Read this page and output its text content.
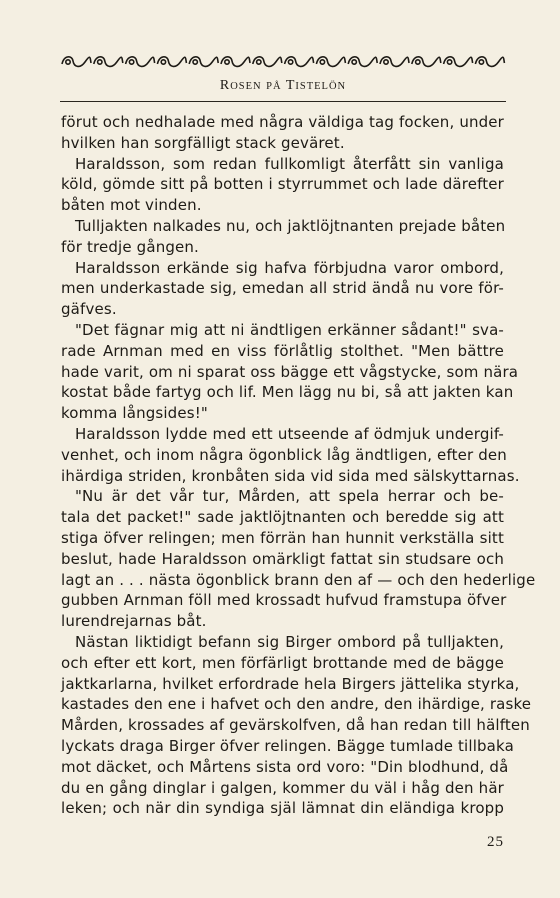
ROSEN PÅ TISTELÖN
förut och nedhalade med några väldiga tag focken, under
hvilken han sorgfälligt stack geväret.
Haraldsson, som redan fullkomligt återfått sin vanliga
köld, gömde sitt på botten i styrrummet och lade därefter
båten mot vinden.
Tulljakten nalkades nu, och jaktlöjtnanten prejade båten
för tredje gången.
Haraldsson erkände sig hafva förbjudna varor ombord,
men underkastade sig, emedan all strid ändå nu vore för-
gäfves.
"Det fägnar mig att ni ändtligen erkänner sådant!" sva-
rade Arnman med en viss förlåtlig stolthet. "Men bättre
hade varit, om ni sparat oss bägge ett vågstycke, som nära
kostat både fartyg och lif. Men lägg nu bi, så att jakten kan
komma långsides!"
Haraldsson lydde med ett utseende af ödmjuk undergif-
venhet, och inom några ögonblick låg ändtligen, efter den
ihärdiga striden, kronbåten sida vid sida med sälskyttarnas.
"Nu är det vår tur, Mården, att spela herrar och be-
tala det packet!" sade jaktlöjtnanten och beredde sig att
stiga öfver relingen; men förrän han hunnit verkställa sitt
beslut, hade Haraldsson omärkligt fattat sin studsare och
lagt an . . . nästa ögonblick brann den af — och den hederlige
gubben Arnman föll med krossadt hufvud framstupa öfver
lurendrejarnas båt.
Nästan liktidigt befann sig Birger ombord på tulljakten,
och efter ett kort, men förfärligt brottande med de bägge
jaktkarlarna, hvilket erfordrade hela Birgers jättelika styrka,
kastades den ene i hafvet och den andre, den ihärdige, raske
Mården, krossades af gevärskolfven, då han redan till hälften
lyckats draga Birger öfver relingen. Bägge tumlade tillbaka
mot däcket, och Mårtens sista ord voro: "Din blodhund, då
du en gång dinglar i galgen, kommer du väl i håg den här
leken; och när din syndiga själ lämnat din eländiga kropp
25
